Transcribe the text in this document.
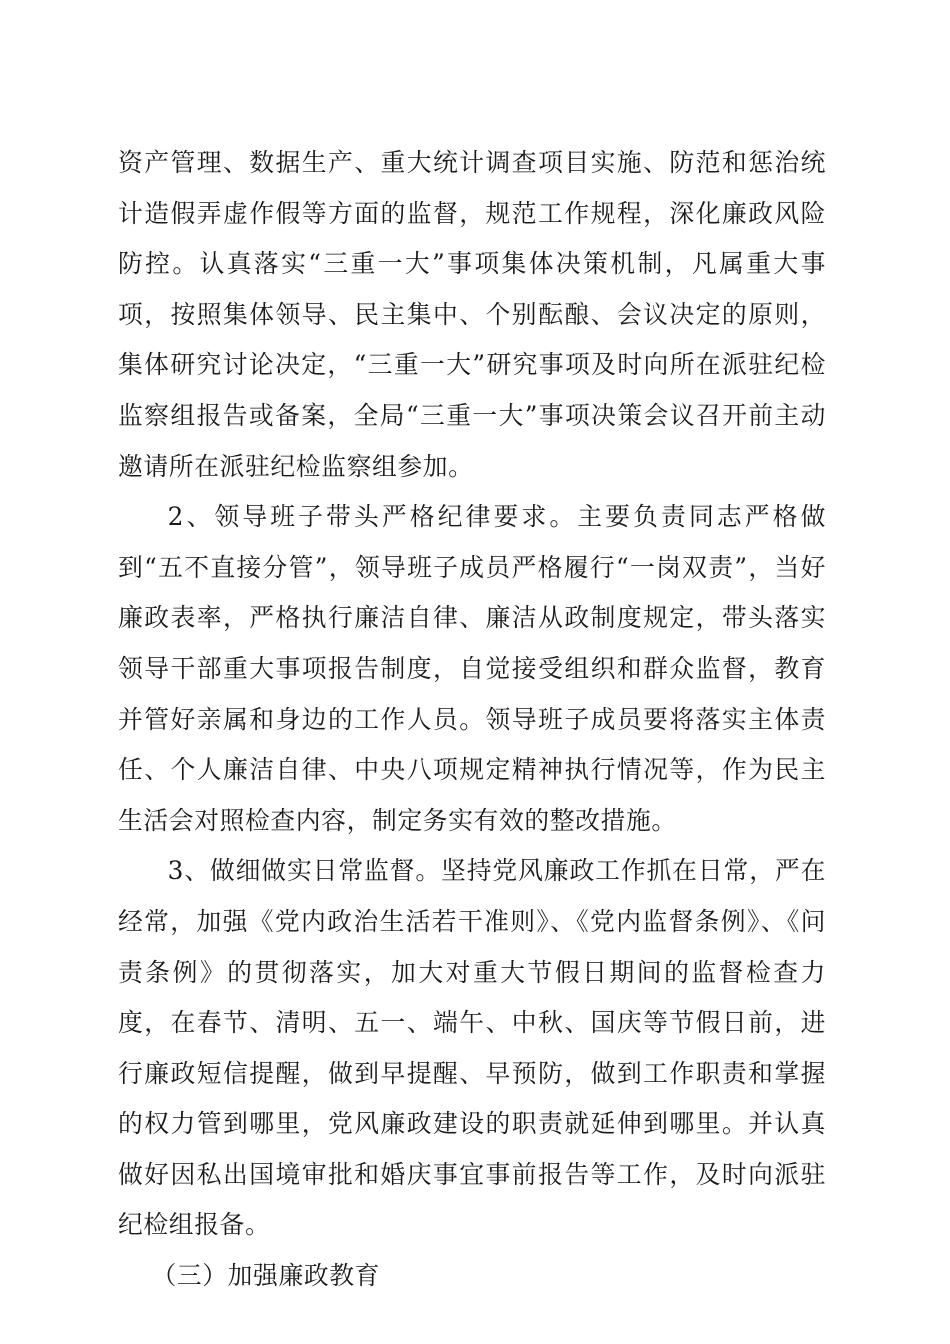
资产管理、数据生产、重大统计调查项目实施、防范和惩治统计造假弄虚作假等方面的监督，规范工作规程，深化廉政风险防控。认真落实“三重一大”事项集体决策机制，凡属重大事项，按照集体领导、民主集中、个别酝酿、会议决定的原则，集体研究讨论决定，“三重一大”研究事项及时向所在派驻纪检监察组报告或备案，全局“三重一大”事项决策会议召开前主动邀请所在派驻纪检监察组参加。

2、领导班子带头严格纪律要求。主要负责同志严格做到“五不直接分管”，领导班子成员严格履行“一岗双责”，当好廉政表率，严格执行廉洁自律、廉洁从政制度规定，带头落实领导干部重大事项报告制度，自觉接受组织和群众监督，教育并管好亲属和身边的工作人员。领导班子成员要将落实主体责任、个人廉洁自律、中央八项规定精神执行情况等，作为民主生活会对照检查内容，制定务实有效的整改措施。

3、做细做实日常监督。坚持党风廉政工作抓在日常，严在经常，加强《党内政治生活若干准则》、《党内监督条例》、《问责条例》的贯彻落实，加大对重大节假日期间的监督检查力度，在春节、清明、五一、端午、中秋、国庆等节假日前，进行廉政短信提醒，做到早提醒、早预防，做到工作职责和掌握的权力管到哪里，党风廉政建设的职责就延伸到哪里。并认真做好因私出国境审批和婚庆事宜事前报告等工作，及时向派驻纪检组报备。

（三）加强廉政教育
